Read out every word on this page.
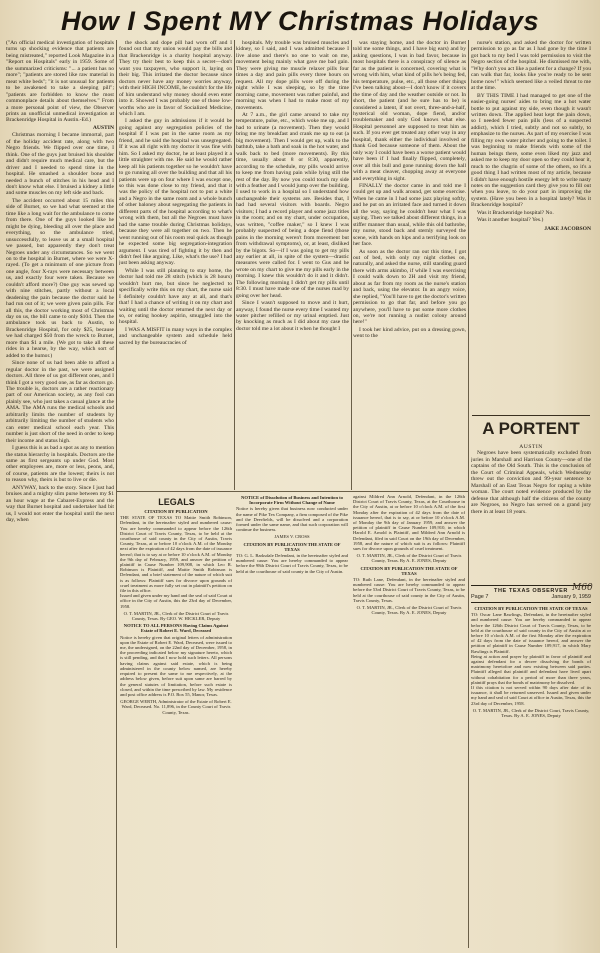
How I Spent MY Christmas Holidays

("An official medical investigation of hospitals turns up shocking evidence that patients are being mistreated," reported Look Magazine in a "Report on Hospitals" early in 1959. Some of the summarized criticisms: "... a patient has no more"; "patients are stored like raw material in meat white beds"; "it is not unusual for patients to be awakened to take a sleeping pill"; "patients are forbidden to know the most commonplace details about themselves." From a more personal point of view, the Observer prints an unofficial unmedical investigation at Brackenridge Hospital in Austin.-Ed.)

AUSTIN

Christmas morning I became immortal, part of the holiday accident rate, along with two Negro friends. We flipped over one time, I think. One of the guys just bruised his shoulder and didn't require much medical care, but the driver and I needed to spend time in the hospital. He smashed a shoulder bone and needed a bunch of stitches in his head and I don't know what else. I bruised a kidney a little and some muscles on my left side and back.

The accident occurred about 15 miles this side of Burnet, so we had what seemed at the time like a long wait for the ambulance to come from there. One of the guys looked like he might be dying, bleeding all over the place and everything, so the ambulance tried, unsuccessfully, to leave us at a small hospital we passed, but apparently they don't treat Negroes under any circumstances. So we went on to the hospital in Burnet, where we were X-rayed. (To get a minimum of one picture from one angle, four X-rays were necessary between us, and exactly four were taken. Because we couldn't afford more?) One guy was sewed up with nine stitches, partly without a local deadening the pain because the doctor said he had run out of it; we were given pain pills. For all this, the doctor working most of Christmas day on us, the bill came to only $104. Then the ambulance took us back to Austin, to Brackenridge Hospital, for only $25, because we had charged $50 from the wreck to Burnet, more than $1 a mile. (We got to take all these rides in a hearse, by the way, which sort of added to the humor.)

Since none of us had been able to afford a regular doctor in the past, we were assigned doctors. All three of us got different ones, and I think I got a very good one, as far as doctors go. The trouble is, doctors are a rather reactionary part of our American society, as any fool can plainly see, who just takes a casual glance at the AMA. The AMA runs the medical schools and arbitrarily limits the number of students by arbitrarily limiting the number of students who can enter medical school each year. This number is just short of the need in order to keep their income and status high.

I guess this is as bad a spot as any to mention the status hierarchy in hospitals. Doctors are the same as first sergeants up under God. Most other employees are, more or less, peons, and, of course, patients are the lowest; theirs is not to reason why, theirs is but to live or die.

ANYWAY, back to the story. Since I just had bruises and a mighty slim purse between my $1 an hour wage at the Cabaret-Express and the way that Burnet hospital and undertaker had bit us, I would not enter the hospital until the next day, when

the shock and dope pill had worn off and I found out that my union would pay the bills and that Brackenridge is a charity hospital anyway. They try their best to keep this a secret—don't want you taxpayers, who support it, laying on their big. This irritated the doctor because since doctors never have any money worries anyway, with their HIGH INCOME, he couldn't for the life of him understand why money should even enter into it. Showed I was probably one of those low-worths who are in favor of Socialized Medicine, which I am.

I asked the guy in admissions if it would be going against any segregation policies of the hospital if I was put in the same room as my friend, and he said the hospital was unsegregated. If it was all right with my doctor it was fine with him. So I asked my doctor, he at least played it a little straighter with me. He said he would rather keep all his patients together so he wouldn't have to go running all over the building and that all his patients were up on four where I was except one, so this was done close to my friend, and that it was the policy of the hospital not to put a white and a Negro in the same room and a whole bunch of other baloney about segregating the patients in different parts of the hospital according to what's wrong with them, but all the Negroes must have had the same trouble during Christmas holidays, because they were all together on two. Then he went running out of his room real quick as though he expected some big segregation-integration argument. I was tired of fighting it by then and didn't feel like arguing. Like, what's the use? I had just been asking anyway.

While I was still planning to stay home, the doctor had told me 28 stitch (which is 28 hours) wouldn't hurt me, but since he neglected to specifically write this on my chart, the nurse said I definitely couldn't have any at all, and that's that! I had a chance of writing it on my chart and waiting until the doctor returned the next day or so, or eating hookey aspirin, smuggled into the hospital.

I WAS A MISFIT in many ways in the complex and unchangeable system and schedule held sacred by the bureaucracies of

hospitals. My trouble was bruised muscles and kidney, so I said, and I was admitted because I live alone and there's no one to wait on me, movement being mainly what gave me bad gain. They were giving me muscle relaxer pills four times a day and pain pills every three hours on request. All my dope pills wore off during the night while I was sleeping, so by the time morning came, movement was rather painful, and morning was when I had to make most of my movements.

At 7 a.m., the girl came around to take my temperature, pulse, etc., which woke me up, and I had to urinate (a movement). Then they would bring me my breakfast and crank me up to eat (a big movement). Then I would get up, walk to the bathtub, take a bath and soak in the hot water, and walk back to bed (more movements). By this time, usually about 8 or 8:30, apparently, according to the schedule, my pills would arrive to keep me from having pain while lying still the rest of the day. By now you could touch my side with a feather and I would jump over the building. I used to work in a hospital so I understand how unchangeable their systems are. Besides that, I had had several visitors with boards. Negro visitors; I had a record player and some jazz titles in the room; and on my chart, under occupation, was written, "coffee maker," so I knew I was probably suspected of being a dope fiend (those pains in the morning weren't from movement but from withdrawal symptoms), or, at least, disliked by the bigots. So—if I was going to get my pills any earlier at all, in spite of the system—drastic measures were called for. I went to Gus and he wrote on my chart to give me my pills early in the morning. I knew this wouldn't do it and it didn't. The following morning I didn't get my pills until 8:30. I must have made one of the nurses mad by going over her head.

Since I wasn't supposed to move and it hurt, anyway, I found the nurse every time I wanted my water pitcher refilled or my urinal emptied. Just by knocking as much as I did about my case the doctor told me a lot about it when he thought I

was staying home, and the doctor in Burnet told me some things, and I have big ears) and by asking questions, I was in bad favor, because in most hospitals there is a conspiracy of silence as far as the patient is concerned, covering what is wrong with him, what kind of pills he's being fed, his temperature, pulse, etc., all those other things I've been talking about—I don't know if it covers the time of day and the weather outside or not. In short, the patient (and he sure has to be) is considered a latent, if not overt, three-and-a-half, hysterical old woman, dope fiend, and/or troublemaker and only God knows what else. Hospital personnel are supposed to treat him as such. If you ever get treated any other way in any hospital, thank either the individual involved or thank God because someone of them. About the only way I could have been a worse patient would have been if I had finally flipped, completely, over all this bull and gone running down the hall with a meat cleaver, chopping away at everyone and everything in sight.

FINALLY the doctor came in and told me I could get up and walk around, get some exercise. When he came in I had some jazz playing softly, and he put on an irritated face and turned it down all the way, saying he couldn't hear what I was saying. Then we talked about different things, in a stiffer manner than usual, while this old bathrobe, my nurse, stood back and sternly surveyed the scene, with hands on hips and a terrifying look on her face.

As soon as the doctor ran out this time, I got out of bed, with only my night clothes on, naturally, and asked the nurse, still standing guard there with arms akimbo, if while I was exercising I could walk down to 2H and visit my friend, about as far from my room as the nurse's station and back, using the elevator. In an angry voice, she replied, "You'll have to get the doctor's written permission to go that far, and before you go anywhere, you'll have to put some more clothes on, we're not running a nudist colony around here!"

I took her kind advice, put on a dressing gown, went to the

nurse's station, and asked the doctor for written permission to go as far as I had gone by the time I got back to my bed I was told permission to visit the Negro section of the hospital. He dismissed me with, "Why don't you act like a patient for a change? If you can walk that far, looks like you're ready to be sent home now!" which seemed like a veiled threat to me at the time.

BY THIS TIME I had managed to get one of the easier-going nurses' aides to bring me a hot water bottle to put against my side, even though it wasn't written down. The applied heat kept the pain down, so I needed fewer pain pills (less of a suspected addict), which I tried, subtly and not so subtly, to emphasize to the nurses. As part of my exercise I was filling my own water pitcher and going to the toilet. I was beginning to make friends with some of the human beings there, some even liked my jazz and asked me to keep my door open so they could hear it, much to the chagrin of some of the others, so it's a good thing I had written most of my article, because I didn't have enough hostile energy left to write nasty notes on the suggestion card they give you to fill out when you leave, to do your part in improving the system. (Have you been in a hospital lately? Was it Brackenridge hospital?

Was it Brackenridge hospital? No.

Was it another hospital? Yes.)

JAKE JACOBSON
A PORTENT
AUSTIN

Negroes have been systematically excluded from juries in Marshall and Harrison County—one of the captains of the Old South. This is the conclusion of the Court of Criminal Appeals, which Wednesday threw out the conviction and 99-year sentence to Marshall of an East Texas Negro for raping a white woman. The court noted evidence produced by the defense that although half the citizens of the county are Negroes, no Negro has served on a grand jury there in at least 18 years.

THE TEXAS OBSERVER
Page 7	January 9, 1959
M60
LEGALS
CITATION BY PUBLICATION
THE STATE OF TEXAS TO Mattie Smith Robinson, Defendant, in the hereinafter styled and numbered cause: You are hereby commanded to appear before the 126th District Court of Travis County, Texas, to be held at the courthouse of said county in the City of Austin, Travis County, Texas, at or before 10 o'clock A.M. of the Monday next after the expiration of 42 days from the date of issuance hereof; that is to say at or before 10 o'clock A.M. of Monday the 9th day of February, 1959, and answer the petition of plaintiff in Cause Number 109,908, in which Leo R. Robinson is Plaintiff, and Mattie Smith Robinson is Defendant, and a brief statement of the nature of which suit is as follows: Plaintiff sues for divorce upon grounds of cruel treatment as more fully set out in plaintiff's petition on file in this office.
Issued and given under my hand and the seal of said Court at office in the City of Austin, this the 23rd day of December, 1958.
O. T. MARTIN, JR., Clerk of the District Court of Travis County, Texas. By GEO. W. HICKLER, Deputy
NOTICE TO ALL PERSONS Having Claims Against Estate of Robert E. Ward, Deceased
Notice is hereby given that original letters of administration upon the Estate of Robert E. Ward, Deceased, were issued to me, the undersigned, on the 22nd day of December, 1958, in the proceeding indicated below my signature hereto, which is still pending, and that I now hold such letters. All persons having claims against said estate, which is being administered in the county below named, are hereby required to present the same to me respectively, at the address below given, before suit upon same are barred by the general statutes of limitation, before such estate is closed, and within the time prescribed by law. My residence and post office address is P.O. Box 55, Manor, Texas.
GEORGE WERTH, Administrator of the Estate of Robert E. Ward, Deceased. No. 11,896, in the County Court of Travis County, Texas.
NOTICE of Dissolution of Business and Intention to Incorporate Firm Without Change of Name
Notice is hereby given that business now conducted under the name of Pike Tex Company, a firm composed of the Pike and the Deerfields, will be dissolved and a corporation formed under the same name, and that such corporation will continue the business.
JAMES V. CROSS
CITATION BY PUBLICATION THE STATE OF TEXAS
TO: G. L. Barksdale Defendant, in the hereinafter styled and numbered cause: You are hereby commanded to appear before the 98th District Court of Travis County, Texas, to be held at the courthouse of said county in the City of Austin.
against Mildred Ann Arnold, Defendant, in the 126th District Court of Travis County, Texas, at the Courthouse in the City of Austin, at or before 10 o'clock A.M. of the first Monday after the expiration of 42 days from the date of issuance hereof, that is to say, at or before 10 o'clock A.M. of Monday the 9th day of January 1959, and answer the petition of plaintiff in Cause Number 109,910, in which Harold E. Arnold is Plaintiff, and Mildred Ann Arnold is Defendant, filed in said Court on the 19th day of December, 1958, and the nature of which suit is as follows: Plaintiff sues for divorce upon grounds of cruel treatment.
O. T. MARTIN, JR., Clerk of the District Court of Travis County, Texas. By A. E. JONES, Deputy
CITATION BY PUBLICATION THE STATE OF TEXAS
TO: Ruth Lane, Defendant, in the hereinafter styled and numbered cause: You are hereby commanded to appear before the 53rd District Court of Travis County, Texas, to be held at the courthouse of said county in the City of Austin, Travis County, Texas.
O. T. MARTIN, JR., Clerk of the District Court of Travis County, Texas. By A. E. JONES, Deputy
CITATION BY PUBLICATION THE STATE OF TEXAS
TO: Oscar Lane Rawlings, Defendant, in the hereinafter styled and numbered cause: You are hereby commanded to appear before the 126th District Court of Travis County, Texas, to be held at the courthouse of said county in the City of Austin at or before 10 o'clock A.M. of the first Monday after the expiration of 42 days from the date of issuance hereof, and answer the petition of plaintiff in Cause Number 109,917, in which Mary Rawlings is Plaintiff.
Being at action and prayer by plaintiff in favor of plaintiff and against defendant for a decree dissolving the bonds of matrimony heretofore and now existing between said parties. Plaintiff alleged that plaintiff and defendant have lived apart without cohabitation for a period of more than three years, plaintiff prays that the bonds of matrimony be dissolved.
If this citation is not served within 90 days after date of its issuance, it shall be returned unserved. Issued and given under my hand and seal of said Court at office in Austin, Texas, this the 23rd day of December, 1958.
O. T. MARTIN, JR., Clerk of the District Court, Travis County, Texas. By A. E. JONES, Deputy
